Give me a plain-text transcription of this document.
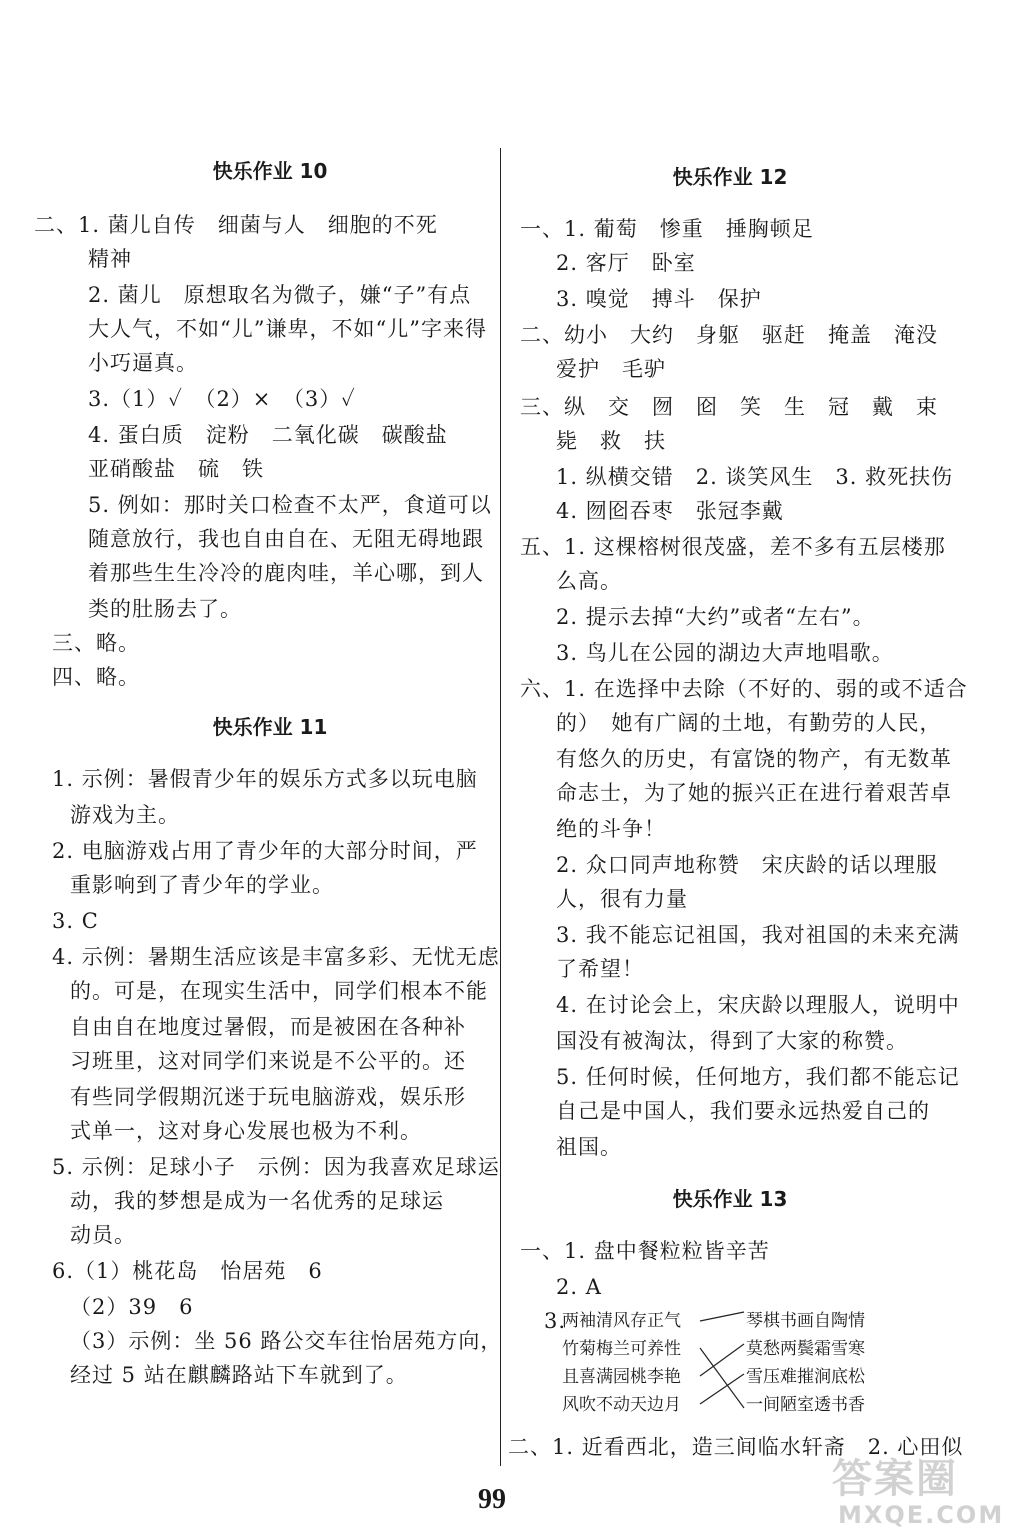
快乐作业 10
二、1. 菌儿自传　细菌与人　细胞的不死
精神
2. 菌儿　原想取名为微子，嫌“子”有点
大人气，不如“儿”谦卑，不如“儿”字来得
小巧逼真。
3.（1）✓　（2）×　（3）✓
4. 蛋白质　淀粉　二氧化碳　碳酸盐
亚硝酸盐　硫　铁
5. 例如：那时关口检查不太严，食道可以
随意放行，我也自由自在、无阻无碍地跟
着那些生生冷冷的鹿肉哇，羊心哪，到人
类的肚肠去了。
三、略。
四、略。
快乐作业 11
1. 示例：暑假青少年的娱乐方式多以玩电脑
游戏为主。
2. 电脑游戏占用了青少年的大部分时间，严
重影响到了青少年的学业。
3. C
4. 示例：暑期生活应该是丰富多彩、无忧无虑
的。可是，在现实生活中，同学们根本不能
自由自在地度过暑假，而是被困在各种补
习班里，这对同学们来说是不公平的。还
有些同学假期沉迷于玩电脑游戏，娱乐形
式单一，这对身心发展也极为不利。
5. 示例：足球小子　示例：因为我喜欢足球运
动，我的梦想是成为一名优秀的足球运
动员。
6.（1）桃花岛　怡居苑　6
（2）39　6
（3）示例：坐 56 路公交车往怡居苑方向，
经过 5 站在麒麟路站下车就到了。
快乐作业 12
一、1. 葡萄　惨重　捶胸顿足
2. 客厅　卧室
3. 嗅觉　搏斗　保护
二、幼小　大约　身躯　驱赶　掩盖　淹没
爱护　毛驴
三、纵　交　囫　囵　笑　生　冠　戴　束
毙　救　扶
1. 纵横交错　2. 谈笑风生　3. 救死扶伤
4. 囫囵吞枣　张冠李戴
五、1. 这棵榕树很茂盛，差不多有五层楼那
么高。
2. 提示去掉“大约”或者“左右”。
3. 鸟儿在公园的湖边大声地唱歌。
六、1. 在选择中去除（不好的、弱的或不适合
的）　她有广阔的土地，有勤劳的人民，
有悠久的历史，有富饶的物产，有无数革
命志士，为了她的振兴正在进行着艰苦卓
绝的斗争！
2. 众口同声地称赞　宋庆龄的话以理服
人，很有力量
3. 我不能忘记祖国，我对祖国的未来充满
了希望！
4. 在讨论会上，宋庆龄以理服人，说明中
国没有被淘汰，得到了大家的称赞。
5. 任何时候，任何地方，我们都不能忘记
自己是中国人，我们要永远热爱自己的
祖国。
快乐作业 13
一、1. 盘中餐粒粒皆辛苦
2. A
3.
两袖清风存正气
竹菊梅兰可养性
且喜满园桃李艳
风吹不动天边月
琴棋书画自陶情
莫愁两鬓霜雪寒
雪压难摧涧底松
一间陋室透书香
二、1. 近看西北，造三间临水轩斋　2. 心田似
99	答案圈
MXQE.COM
